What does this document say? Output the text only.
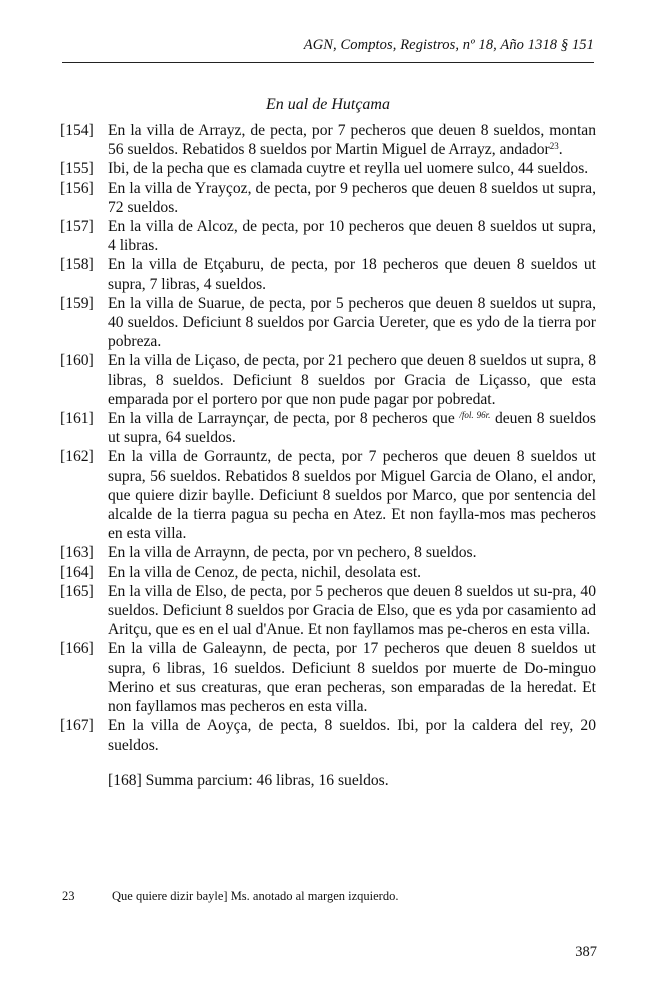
AGN, Comptos, Registros, nº 18, Año 1318 § 151
En ual de Hutçama
[154] En la villa de Arrayz, de pecta, por 7 pecheros que deuen 8 sueldos, montan 56 sueldos. Rebatidos 8 sueldos por Martin Miguel de Arrayz, andador$^{23}$.
[155] Ibi, de la pecha que es clamada cuytre et reylla uel uomere sulco, 44 sueldos.
[156] En la villa de Yrayçoz, de pecta, por 9 pecheros que deuen 8 sueldos ut supra, 72 sueldos.
[157] En la villa de Alcoz, de pecta, por 10 pecheros que deuen 8 sueldos ut supra, 4 libras.
[158] En la villa de Etçaburu, de pecta, por 18 pecheros que deuen 8 sueldos ut supra, 7 libras, 4 sueldos.
[159] En la villa de Suarue, de pecta, por 5 pecheros que deuen 8 sueldos ut supra, 40 sueldos. Deficiunt 8 sueldos por Garcia Uereter, que es ydo de la tierra por pobreza.
[160] En la villa de Liçaso, de pecta, por 21 pechero que deuen 8 sueldos ut supra, 8 libras, 8 sueldos. Deficiunt 8 sueldos por Gracia de Liçasso, que esta emparada por el portero por que non pude pagar por pobredat.
[161] En la villa de Larraynçar, de pecta, por 8 pecheros que $^{/fol. 96r.}$ deuen 8 sueldos ut supra, 64 sueldos.
[162] En la villa de Gorrauntz, de pecta, por 7 pecheros que deuen 8 sueldos ut supra, 56 sueldos. Rebatidos 8 sueldos por Miguel Garcia de Olano, el andor, que quiere dizir baylle. Deficiunt 8 sueldos por Marco, que por sentencia del alcalde de la tierra pagua su pecha en Atez. Et non faylla-mos mas pecheros en esta villa.
[163] En la villa de Arraynn, de pecta, por vn pechero, 8 sueldos.
[164] En la villa de Cenoz, de pecta, nichil, desolata est.
[165] En la villa de Elso, de pecta, por 5 pecheros que deuen 8 sueldos ut su-pra, 40 sueldos. Deficiunt 8 sueldos por Gracia de Elso, que es yda por casamiento ad Aritçu, que es en el ual d'Anue. Et non fayllamos mas pe-cheros en esta villa.
[166] En la villa de Galeaynn, de pecta, por 17 pecheros que deuen 8 sueldos ut supra, 6 libras, 16 sueldos. Deficiunt 8 sueldos por muerte de Do-minguo Merino et sus creaturas, que eran pecheras, son emparadas de la heredat. Et non fayllamos mas pecheros en esta villa.
[167] En la villa de Aoyça, de pecta, 8 sueldos. Ibi, por la caldera del rey, 20 sueldos.
[168] Summa parcium: 46 libras, 16 sueldos.
23	Que quiere dizir bayle] Ms. anotado al margen izquierdo.
387
